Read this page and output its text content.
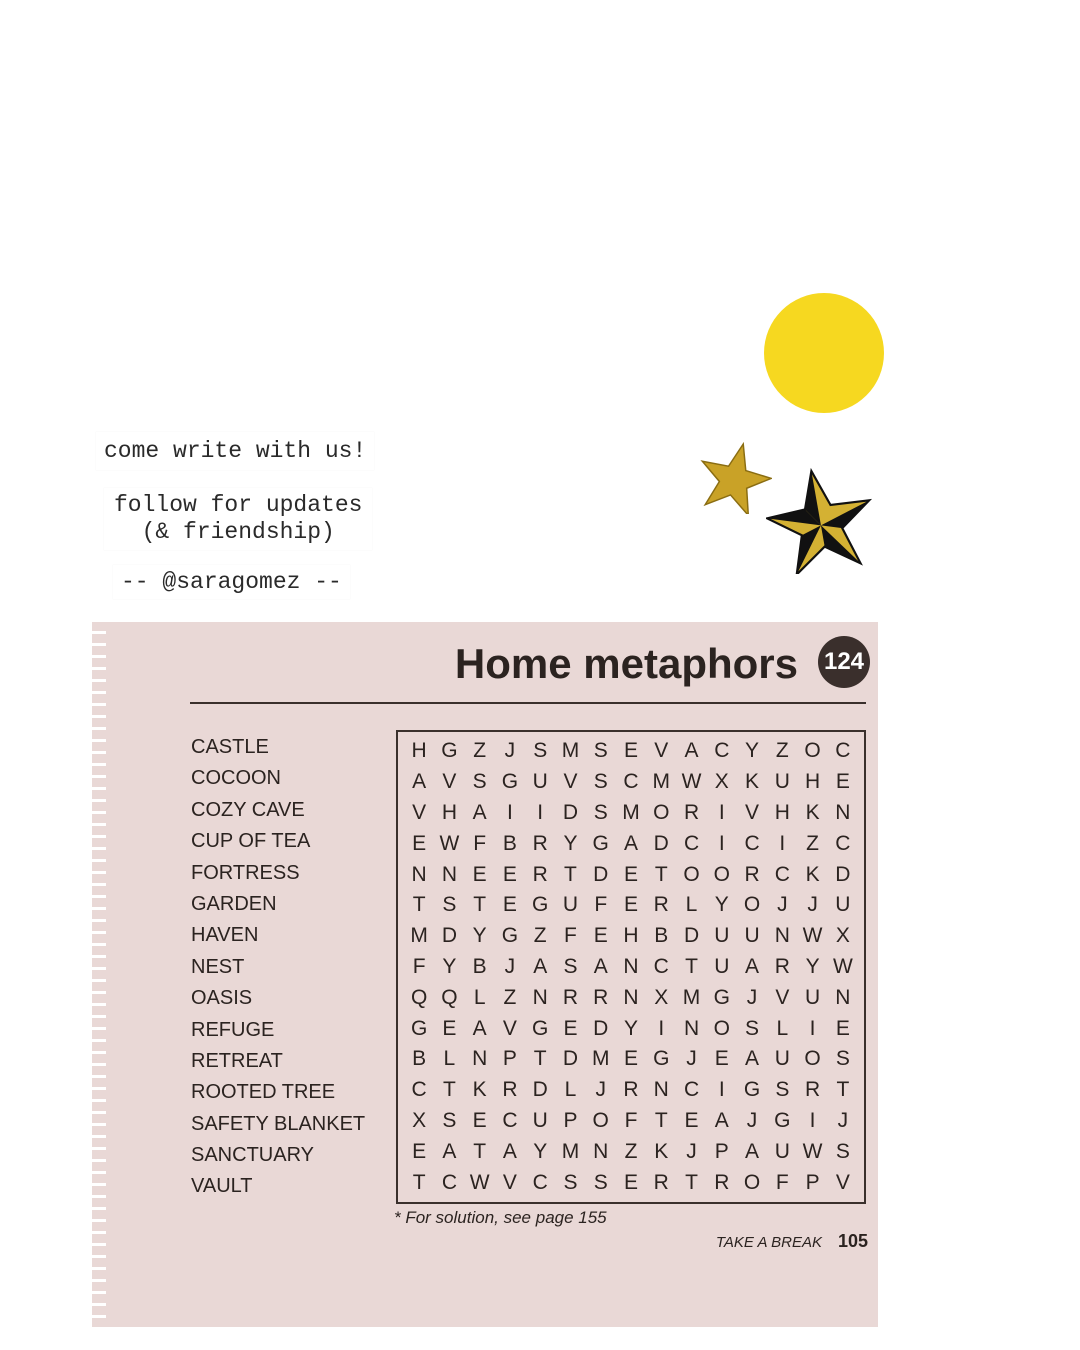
come write with us!
follow for updates
(& friendship)
-- @saragomez --
Home metaphors 124
CASTLE
COCOON
COZY CAVE
CUP OF TEA
FORTRESS
GARDEN
HAVEN
NEST
OASIS
REFUGE
RETREAT
ROOTED TREE
SAFETY BLANKET
SANCTUARY
VAULT
H G Z J S M S E V A C Y Z O C
A V S G U V S C M W X K U H E
V H A I	I D S M O R I V H K N
E W F B R Y G A D C I C I Z C
N N E E R T D E T O O R C K D
T S T E G U F E R L Y O J J U
M D Y G Z F E H B D U U N W X
F Y B J A S A N C T U A R Y W
Q Q L Z N R R N X M G J V U N
G E A V G E D Y I N O S L	I E
B L N P T D M E G J E A U O S
C T K R D L J R N C I G S R T
X S E C U P O F T E A J G I	J
E A T A Y M N Z K J P A U W S
T C W V C S S E R T R O F P V
* For solution, see page 155
TAKE A BREAK 105
